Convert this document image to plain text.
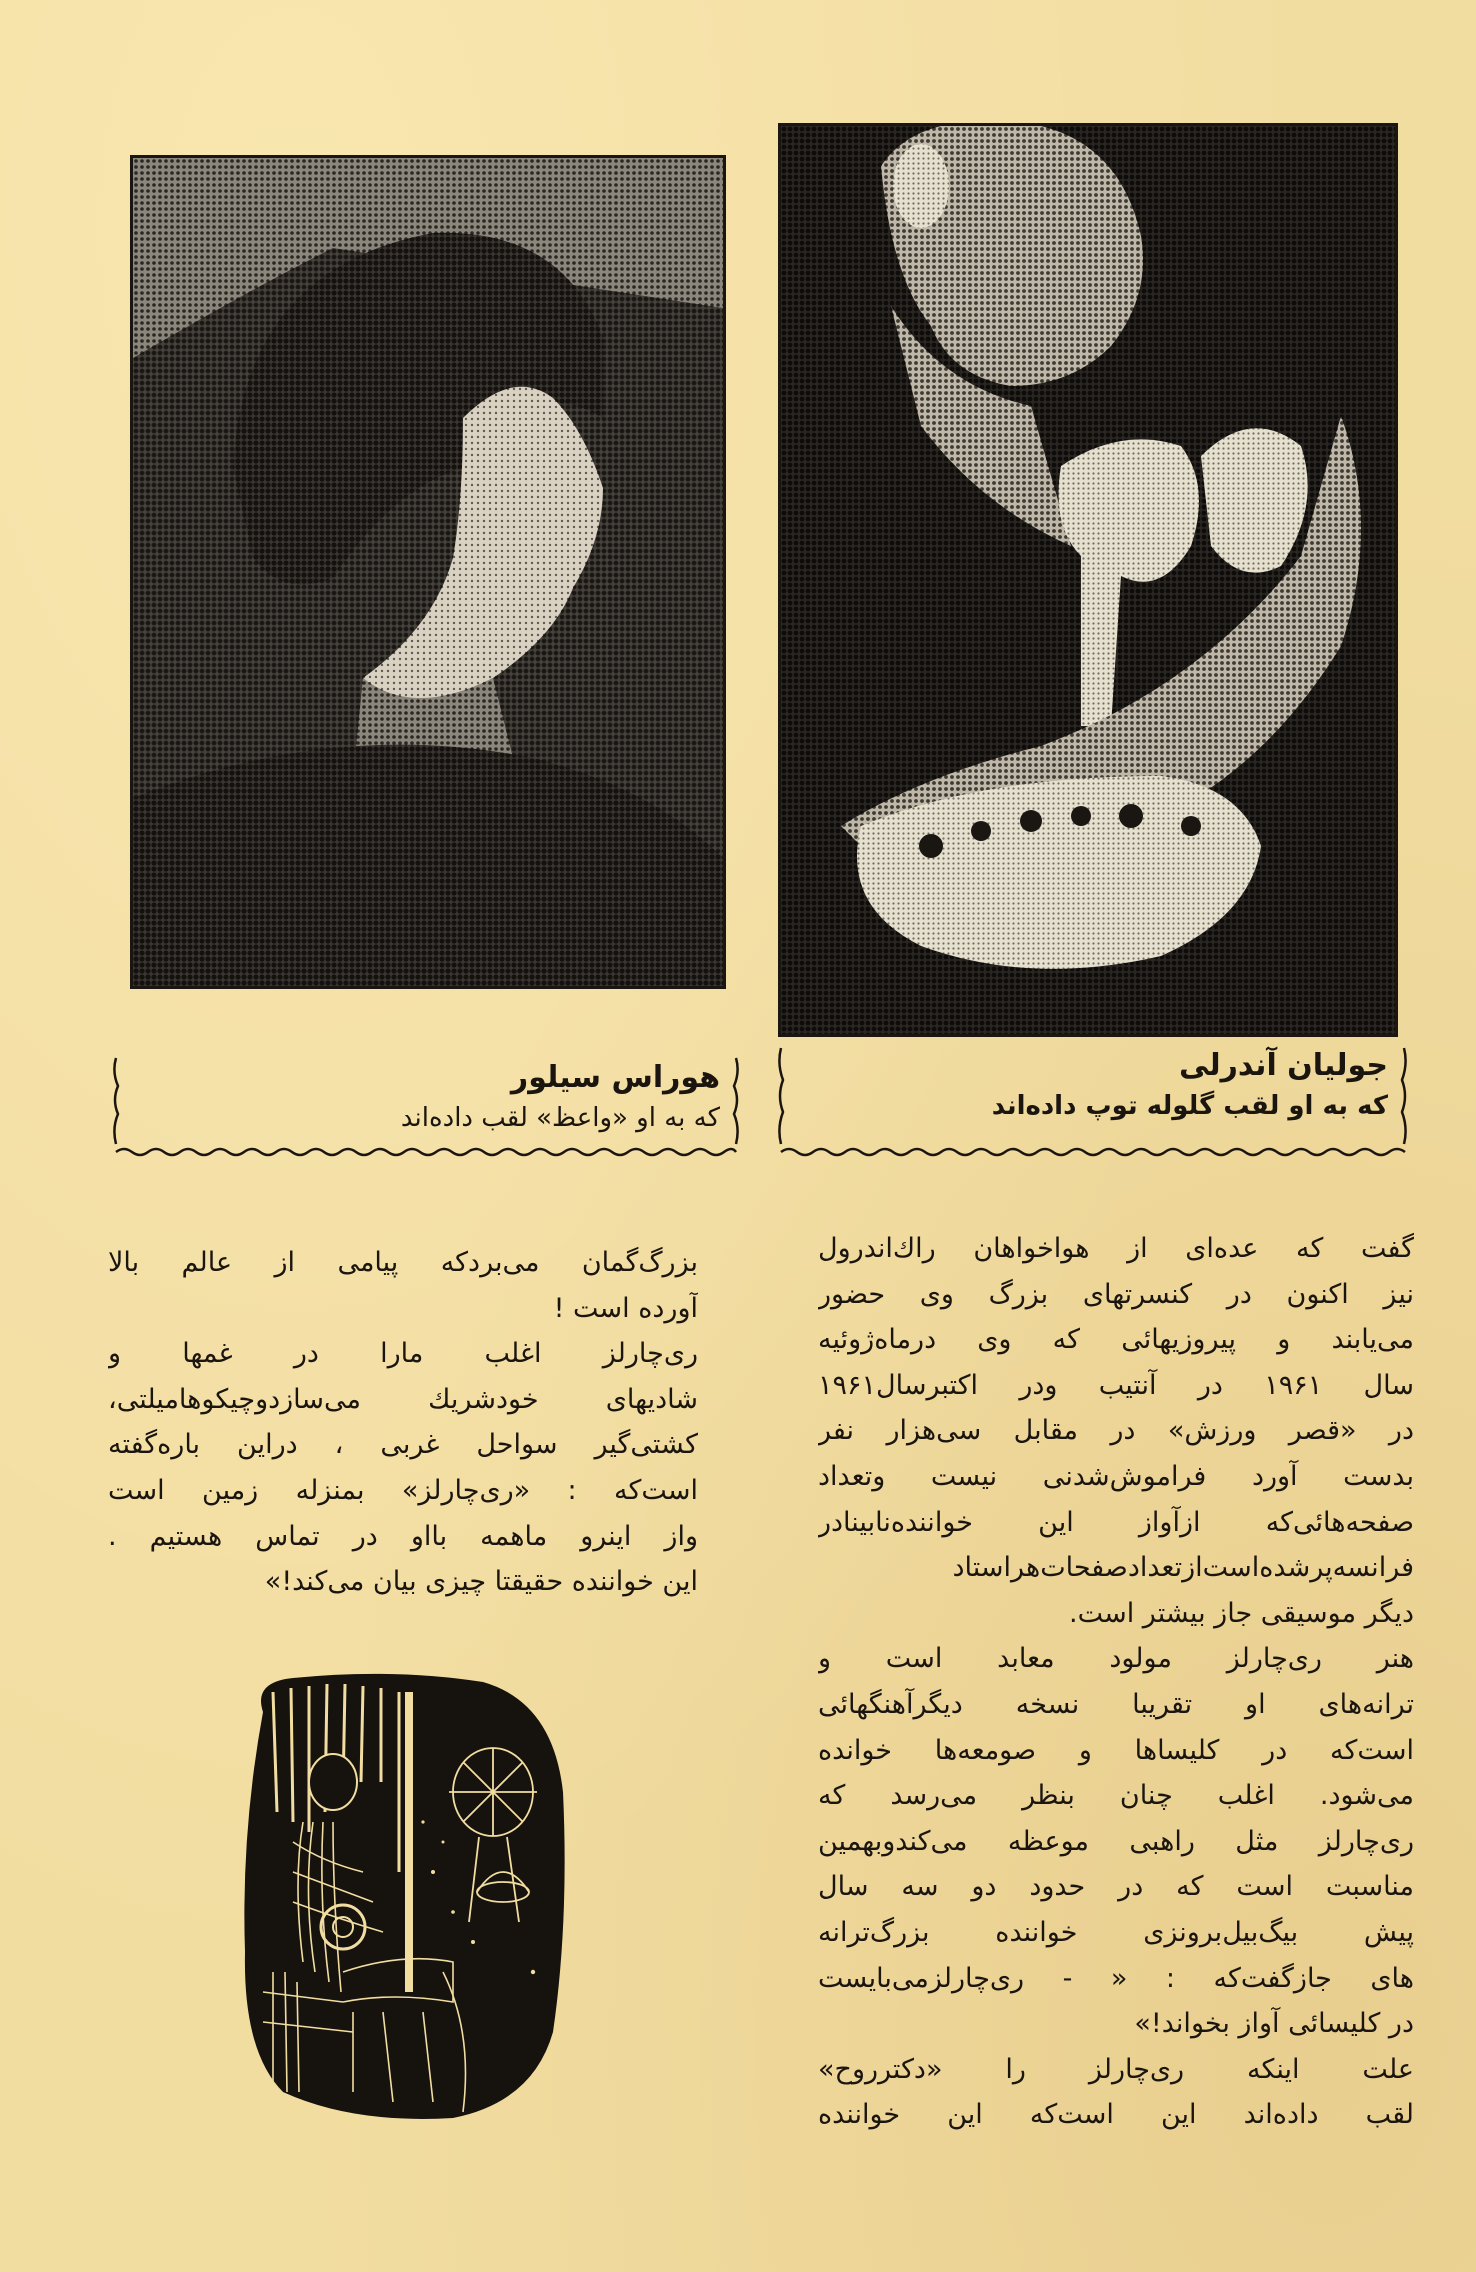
هوراس سیلور
که به او «واعظ» لقب داده‌اند
جولیان آندرلی
که به او لقب گلوله توپ داده‌اند
بزرگ‌گمان می‌بردکه پیامی از عالم بالا
آورده است !
ری‌چارلز اغلب مارا در غمها و
شادیهای خودشریك می‌سازدوچیکوهامیلتی،
کشتی‌گیر سواحل غربی ، دراین باره‌گفته
است‌که : «ری‌چارلز» بمنزله زمین است
واز اینرو ماهمه باا‌و در تماس هستیم .
این خواننده حقیقتا چیزی بیان می‌کند!»
گفت که عده‌ای از هواخواهان راك‌اندرول
نیز اکنون در کنسرتهای بزرگ وی حضور
می‌یابند و پیروزیهائی که وی درماه‌ژوئیه
سال ۱۹۶۱ در آنتیب ودر اکتبرسال۱۹۶۱
در «قصر ورزش» در مقابل سی‌هزار نفر
بدست آورد فراموش‌شدنی نیست وتعداد
صفحه‌هائی‌که ازآواز این خواننده‌نابینادر
فرانسه‌پرشده‌است‌ازتعدادصفحات‌هراستاد
دیگر موسیقی جاز بیشتر است.
هنر ری‌چارلز مولود معابد است و
ترانه‌های او تقریبا نسخه دیگرآهنگهائی
است‌که در کلیساها و صومعه‌ها خوانده
می‌شود. اغلب چنان بنظر می‌رسد که
ری‌چارلز مثل راهبی موعظه می‌کندوبهمین
مناسبت است که در حدود دو سه سال
پیش بیگ‌بیل‌برونزی خواننده بزرگ‌ترانه
های جازگفت‌که : « - ری‌چارلزمی‌بایست
در کلیسائی آواز بخواند!»
علت اینکه ری‌چارلز را «دکترروح»
لقب داده‌اند این است‌که این خواننده
